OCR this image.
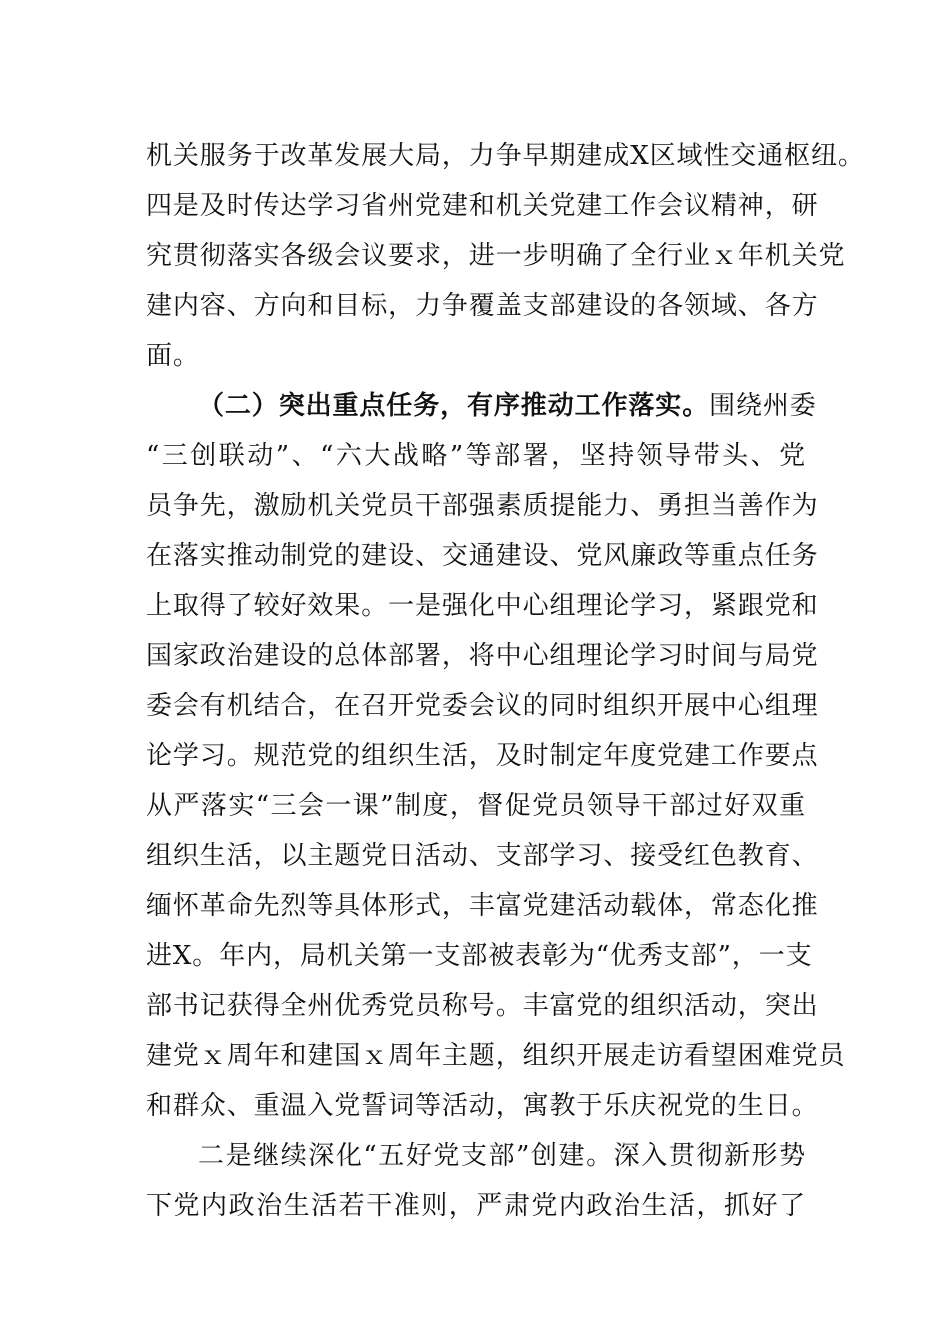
机关服务于改革发展大局，力争早期建成Ⅹ区域性交通枢纽。
四是及时传达学习省州党建和机关党建工作会议精神，研
究贯彻落实各级会议要求，进一步明确了全行业ｘ年机关党
建内容、方向和目标，力争覆盖支部建设的各领域、各方
面。
（二）突出重点任务，有序推动工作落实。围绕州委
“三创联动”、“六大战略”等部署，坚持领导带头、党
员争先，激励机关党员干部强素质提能力、勇担当善作为
在落实推动制党的建设、交通建设、党风廉政等重点任务
上取得了较好效果。一是强化中心组理论学习，紧跟党和
国家政治建设的总体部署，将中心组理论学习时间与局党
委会有机结合，在召开党委会议的同时组织开展中心组理
论学习。规范党的组织生活，及时制定年度党建工作要点
从严落实“三会一课”制度，督促党员领导干部过好双重
组织生活，以主题党日活动、支部学习、接受红色教育、
缅怀革命先烈等具体形式，丰富党建活动载体，常态化推
进Ⅹ。年内，局机关第一支部被表彰为“优秀支部”，一支
部书记获得全州优秀党员称号。丰富党的组织活动，突出
建党ｘ周年和建国ｘ周年主题，组织开展走访看望困难党员
和群众、重温入党誓词等活动，寓教于乐庆祝党的生日。
二是继续深化“五好党支部”创建。深入贯彻新形势
下党内政治生活若干准则，严肃党内政治生活，抓好了
